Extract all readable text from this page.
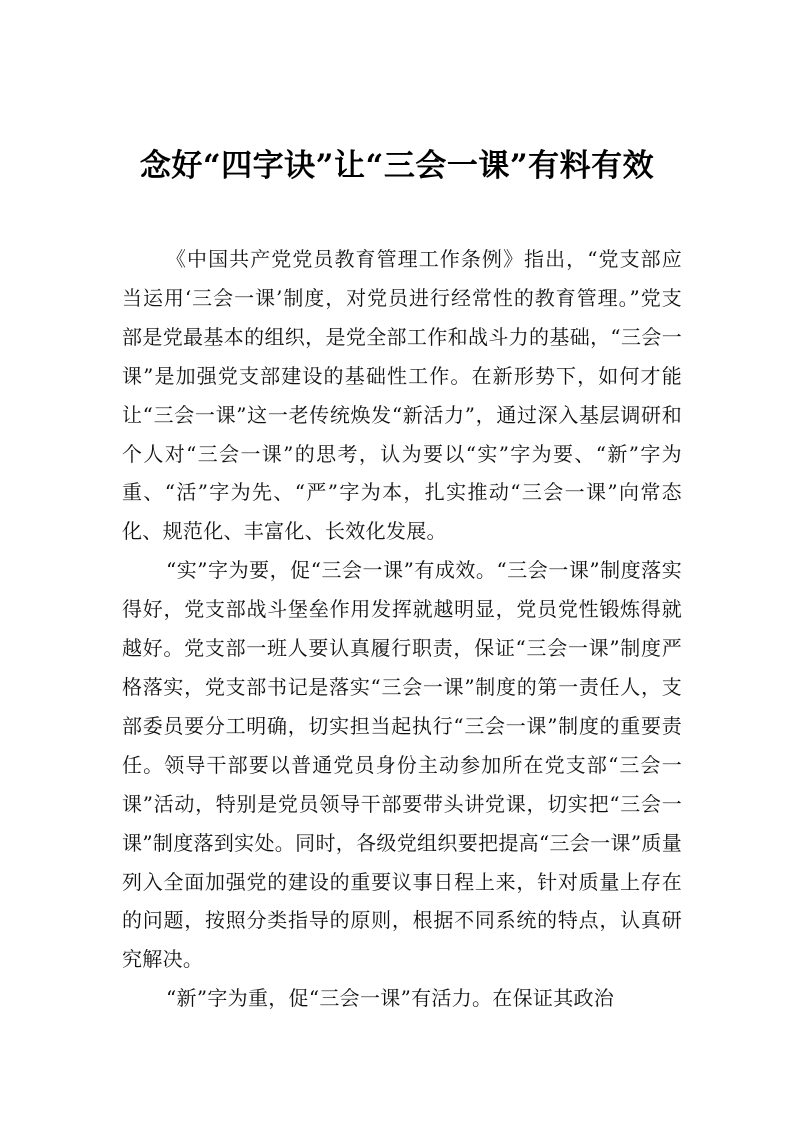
念好“四字诀”让“三会一课”有料有效

《中国共产党党员教育管理工作条例》指出，“党支部应当运用‘三会一课’制度，对党员进行经常性的教育管理。”党支部是党最基本的组织，是党全部工作和战斗力的基础，“三会一课”是加强党支部建设的基础性工作。在新形势下，如何才能让“三会一课”这一老传统焕发“新活力”，通过深入基层调研和个人对“三会一课”的思考，认为要以“实”字为要、“新”字为重、“活”字为先、“严”字为本，扎实推动“三会一课”向常态化、规范化、丰富化、长效化发展。

“实”字为要，促“三会一课”有成效。“三会一课”制度落实得好，党支部战斗堡垒作用发挥就越明显，党员党性锻炼得就越好。党支部一班人要认真履行职责，保证“三会一课”制度严格落实，党支部书记是落实“三会一课”制度的第一责任人，支部委员要分工明确，切实担当起执行“三会一课”制度的重要责任。领导干部要以普通党员身份主动参加所在党支部“三会一课”活动，特别是党员领导干部要带头讲党课，切实把“三会一课”制度落到实处。同时，各级党组织要把提高“三会一课”质量列入全面加强党的建设的重要议事日程上来，针对质量上存在的问题，按照分类指导的原则，根据不同系统的特点，认真研究解决。

“新”字为重，促“三会一课”有活力。在保证其政治
